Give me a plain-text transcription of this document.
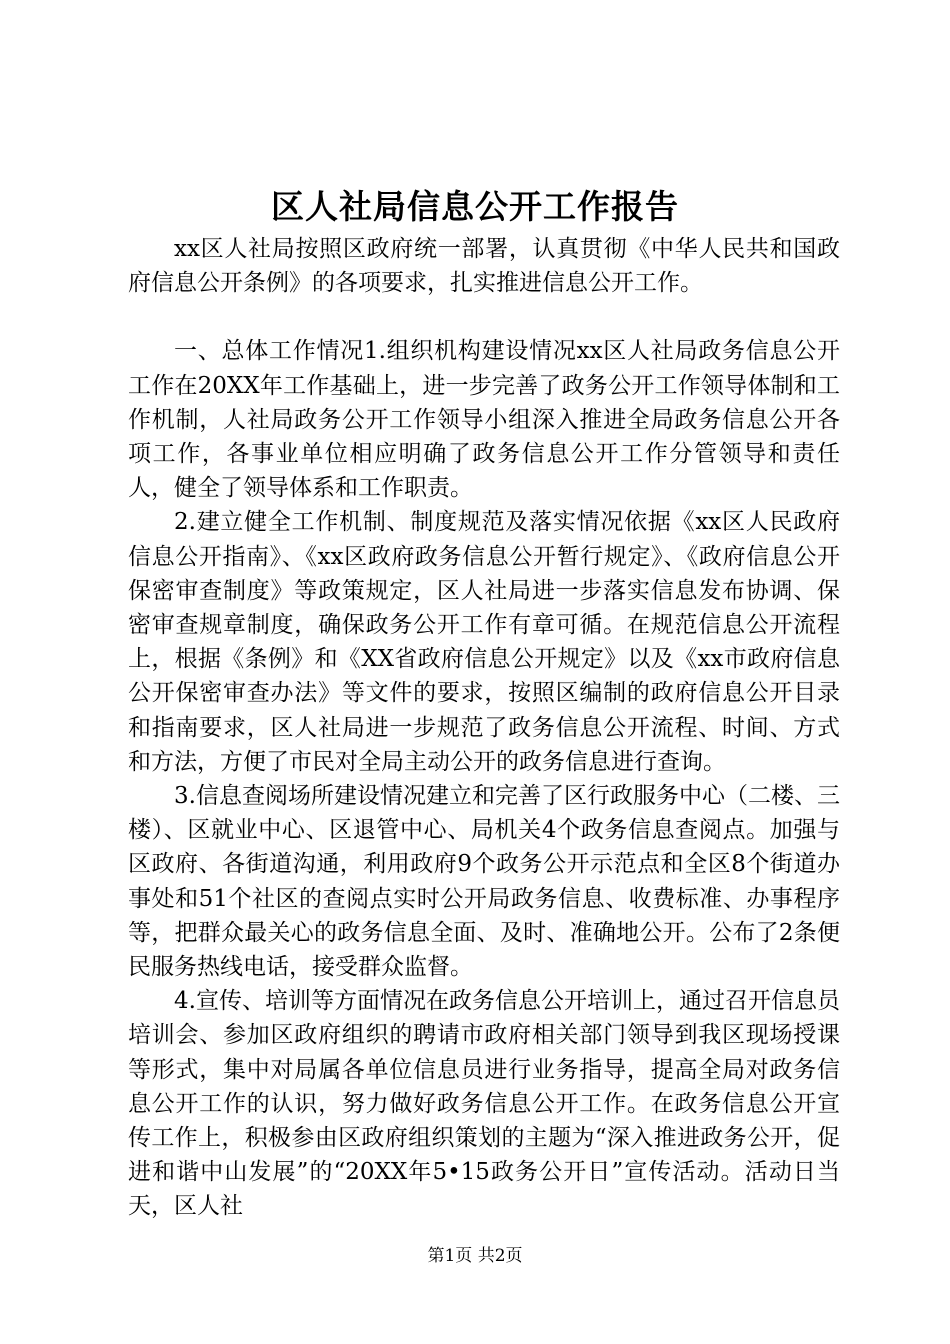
区人社局信息公开工作报告

xx区人社局按照区政府统一部署，认真贯彻《中华人民共和国政府信息公开条例》的各项要求，扎实推进信息公开工作。

一、总体工作情况1.组织机构建设情况xx区人社局政务信息公开工作在20XX年工作基础上，进一步完善了政务公开工作领导体制和工作机制，人社局政务公开工作领导小组深入推进全局政务信息公开各项工作，各事业单位相应明确了政务信息公开工作分管领导和责任人，健全了领导体系和工作职责。

2.建立健全工作机制、制度规范及落实情况依据《xx区人民政府信息公开指南》、《xx区政府政务信息公开暂行规定》、《政府信息公开保密审查制度》等政策规定，区人社局进一步落实信息发布协调、保密审查规章制度，确保政务公开工作有章可循。在规范信息公开流程上，根据《条例》和《XX省政府信息公开规定》以及《xx市政府信息公开保密审查办法》等文件的要求，按照区编制的政府信息公开目录和指南要求，区人社局进一步规范了政务信息公开流程、时间、方式和方法，方便了市民对全局主动公开的政务信息进行查询。

3.信息查阅场所建设情况建立和完善了区行政服务中心（二楼、三楼）、区就业中心、区退管中心、局机关4个政务信息查阅点。加强与区政府、各街道沟通，利用政府9个政务公开示范点和全区8个街道办事处和51个社区的查阅点实时公开局政务信息、收费标准、办事程序等，把群众最关心的政务信息全面、及时、准确地公开。公布了2条便民服务热线电话，接受群众监督。

4.宣传、培训等方面情况在政务信息公开培训上，通过召开信息员培训会、参加区政府组织的聘请市政府相关部门领导到我区现场授课等形式，集中对局属各单位信息员进行业务指导，提高全局对政务信息公开工作的认识，努力做好政务信息公开工作。在政务信息公开宣传工作上，积极参由区政府组织策划的主题为“深入推进政务公开，促进和谐中山发展”的“20XX年5•15政务公开日”宣传活动。活动日当天，区人社

第1页 共2页
